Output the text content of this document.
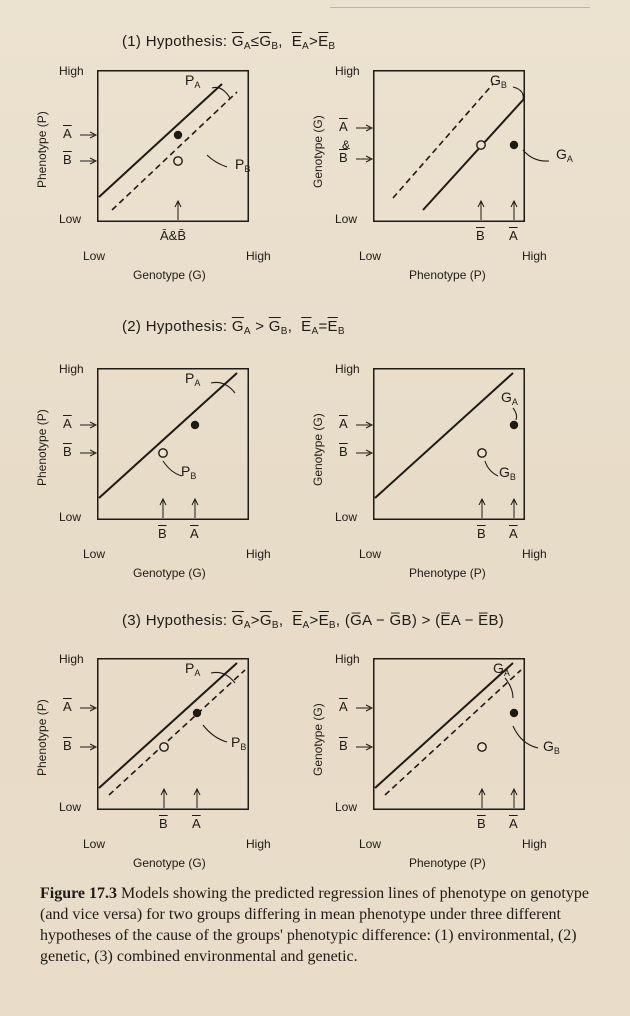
(1) Hypothesis: $\overline{G}_A\le\overline{G}_B$,  $\overline{E}_A>\overline{E}_B$
(2) Hypothesis: $\overline{G}_A > \overline{G}_B$,  $\overline{E}_A=\overline{E}_B$
(3) Hypothesis: $\overline{G}_A>\overline{G}_B$,  $\overline{E}_A>\overline{E}_B$, (G̅A − G̅B) > (E̅A − E̅B)
$P_A$
$P_B$
$\overline{A}$
$\overline{B}$
Ā&B̄
High
Low
Low	High
Genotype (G)
Phenotype (P)
$G_B$
$G_A$
$\overline{A}$
$\overline{B}$
&
$\overline{B}$ $\overline{A}$
High
Low
Low	High
Phenotype (P)
Genotype (G)
$P_A$
$P_B$
$\overline{A}$
$\overline{B}$
$\overline{B}$ $\overline{A}$
High
Low
Low	High
Genotype (G)
Phenotype (P)
$G_A$
$G_B$
$\overline{A}$
$\overline{B}$
$\overline{B}$ $\overline{A}$
High
Low
Low	High
Phenotype (P)
Genotype (G)
$P_A$
$P_B$
$\overline{A}$
$\overline{B}$
$\overline{B}$ $\overline{A}$
High
Low
Low	High
Genotype (G)
Phenotype (P)
$G_A$
$G_B$
$\overline{A}$
$\overline{B}$
$\overline{B}$ $\overline{A}$
High
Low
Low	High
Phenotype (P)
Genotype (G)
Figure 17.3 Models showing the predicted regression lines of phenotype on genotype (and vice versa) for two groups differing in mean phenotype under three different hypotheses of the cause of the groups' phenotypic difference: (1) environmental, (2) genetic, (3) combined environmental and genetic.
